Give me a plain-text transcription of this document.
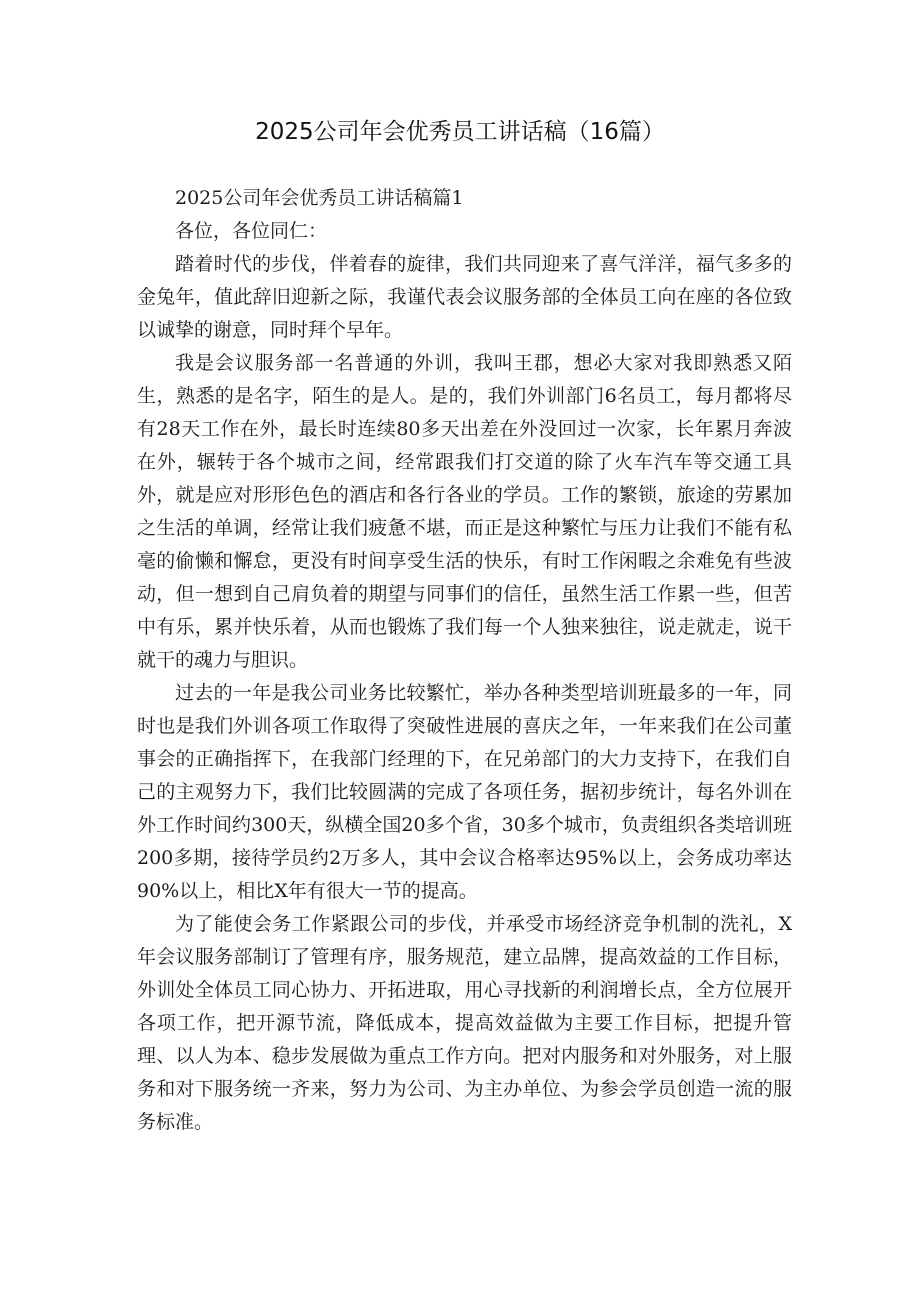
2025公司年会优秀员工讲话稿（16篇）

2025公司年会优秀员工讲话稿篇1

各位，各位同仁：

踏着时代的步伐，伴着春的旋律，我们共同迎来了喜气洋洋，福气多多的金兔年，值此辞旧迎新之际，我谨代表会议服务部的全体员工向在座的各位致以诚挚的谢意，同时拜个早年。

我是会议服务部一名普通的外训，我叫王郡，想必大家对我即熟悉又陌生，熟悉的是名字，陌生的是人。是的，我们外训部门6名员工，每月都将尽有28天工作在外，最长时连续80多天出差在外没回过一次家，长年累月奔波在外，辗转于各个城市之间，经常跟我们打交道的除了火车汽车等交通工具外，就是应对形形色色的酒店和各行各业的学员。工作的繁锁，旅途的劳累加之生活的单调，经常让我们疲惫不堪，而正是这种繁忙与压力让我们不能有私毫的偷懒和懈怠，更没有时间享受生活的快乐，有时工作闲暇之余难免有些波动，但一想到自己肩负着的期望与同事们的信任，虽然生活工作累一些，但苦中有乐，累并快乐着，从而也锻炼了我们每一个人独来独往，说走就走，说干就干的魂力与胆识。

过去的一年是我公司业务比较繁忙，举办各种类型培训班最多的一年，同时也是我们外训各项工作取得了突破性进展的喜庆之年，一年来我们在公司董事会的正确指挥下，在我部门经理的下，在兄弟部门的大力支持下，在我们自己的主观努力下，我们比较圆满的完成了各项任务，据初步统计，每名外训在外工作时间约300天，纵横全国20多个省，30多个城市，负责组织各类培训班200多期，接待学员约2万多人，其中会议合格率达95%以上，会务成功率达90%以上，相比X年有很大一节的提高。

为了能使会务工作紧跟公司的步伐，并承受市场经济竞争机制的洗礼，X年会议服务部制订了管理有序，服务规范，建立品牌，提高效益的工作目标，外训处全体员工同心协力、开拓进取，用心寻找新的利润增长点，全方位展开各项工作，把开源节流，降低成本，提高效益做为主要工作目标，把提升管理、以人为本、稳步发展做为重点工作方向。把对内服务和对外服务，对上服务和对下服务统一齐来，努力为公司、为主办单位、为参会学员创造一流的服务标准。
